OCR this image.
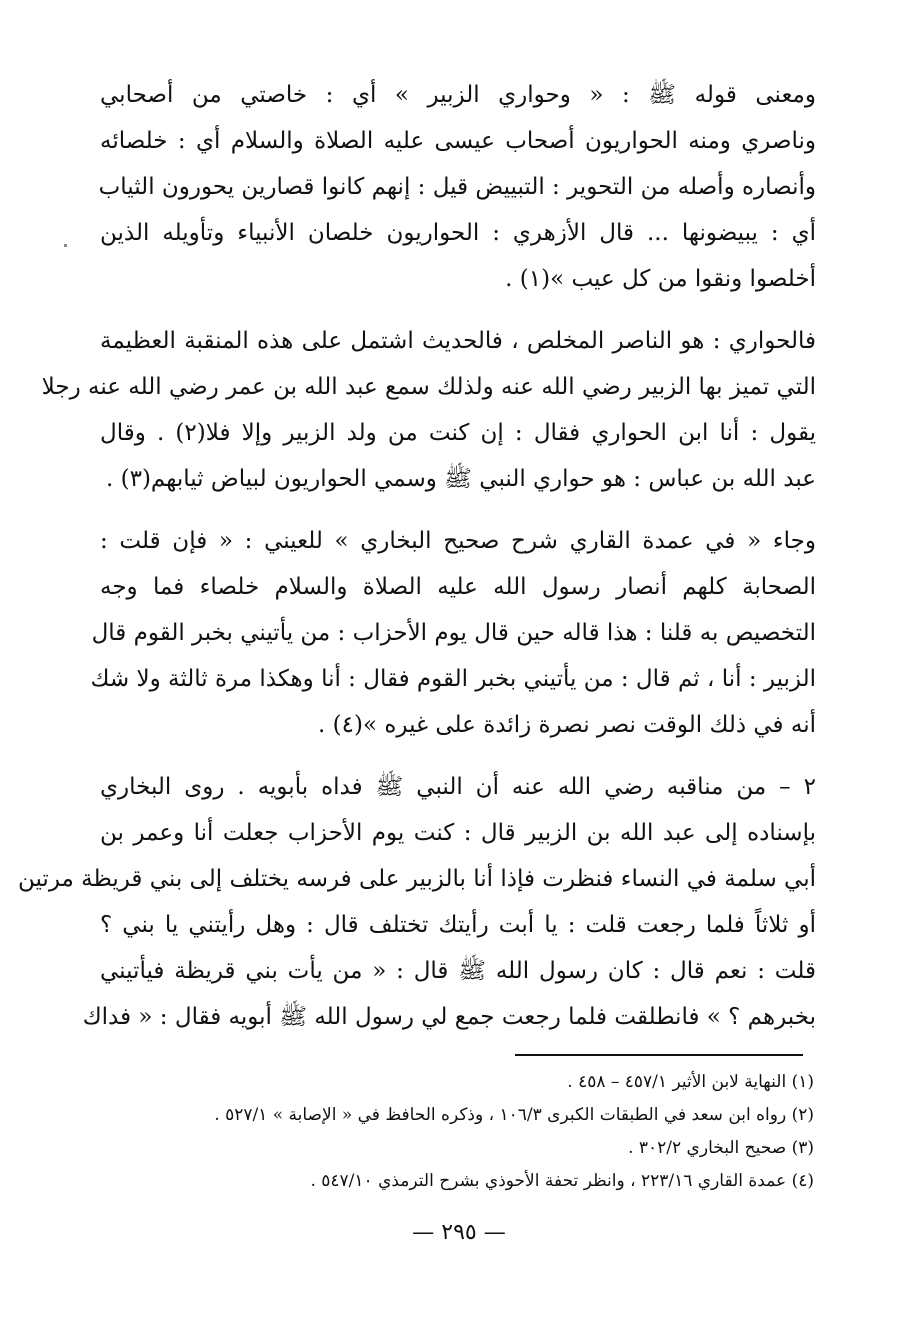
ومعنى قوله ﷺ : « وحواري الزبير » أي : خاصتي من أصحابي
وناصري ومنه الحواريون أصحاب عيسى عليه الصلاة والسلام أي : خلصائه
وأنصاره وأصله من التحوير : التبييض قيل : إنهم كانوا قصارين يحورون الثياب
أي : يبيضونها ... قال الأزهري : الحواريون خلصان الأنبياء وتأويله الذين
أخلصوا ونقوا من كل عيب »(١) .
فالحواري : هو الناصر المخلص ، فالحديث اشتمل على هذه المنقبة العظيمة
التي تميز بها الزبير رضي الله عنه ولذلك سمع عبد الله بن عمر رضي الله عنه رجلا
يقول : أنا ابن الحواري فقال : إن كنت من ولد الزبير وإلا فلا(٢) . وقال
عبد الله بن عباس : هو حواري النبي ﷺ وسمي الحواريون لبياض ثيابهم(٣) .
وجاء « في عمدة القاري شرح صحيح البخاري » للعيني : « فإن قلت :
الصحابة كلهم أنصار رسول الله عليه الصلاة والسلام خلصاء فما وجه
التخصيص به قلنا : هذا قاله حين قال يوم الأحزاب : من يأتيني بخبر القوم قال
الزبير : أنا ، ثم قال : من يأتيني بخبر القوم فقال : أنا وهكذا مرة ثالثة ولا شك
أنه في ذلك الوقت نصر نصرة زائدة على غيره »(٤) .
٢ – من مناقبه رضي الله عنه أن النبي ﷺ فداه بأبويه . روى البخاري
بإسناده إلى عبد الله بن الزبير قال : كنت يوم الأحزاب جعلت أنا وعمر بن
أبي سلمة في النساء فنظرت فإذا أنا بالزبير على فرسه يختلف إلى بني قريظة مرتين
أو ثلاثاً فلما رجعت قلت : يا أبت رأيتك تختلف قال : وهل رأيتني يا بني ؟
قلت : نعم قال : كان رسول الله ﷺ قال : « من يأت بني قريظة فيأتيني
بخبرهم ؟ » فانطلقت فلما رجعت جمع لي رسول الله ﷺ أبويه فقال : « فداك
(١) النهاية لابن الأثير ٤٥٧/١ – ٤٥٨ .
(٢) رواه ابن سعد في الطبقات الكبرى ١٠٦/٣ ، وذكره الحافظ في « الإصابة » ٥٢٧/١ .
(٣) صحيح البخاري ٣٠٢/٢ .
(٤) عمدة القاري ٢٢٣/١٦ ، وانظر تحفة الأحوذي بشرح الترمذي ٥٤٧/١٠ .
— ٢٩٥ —
